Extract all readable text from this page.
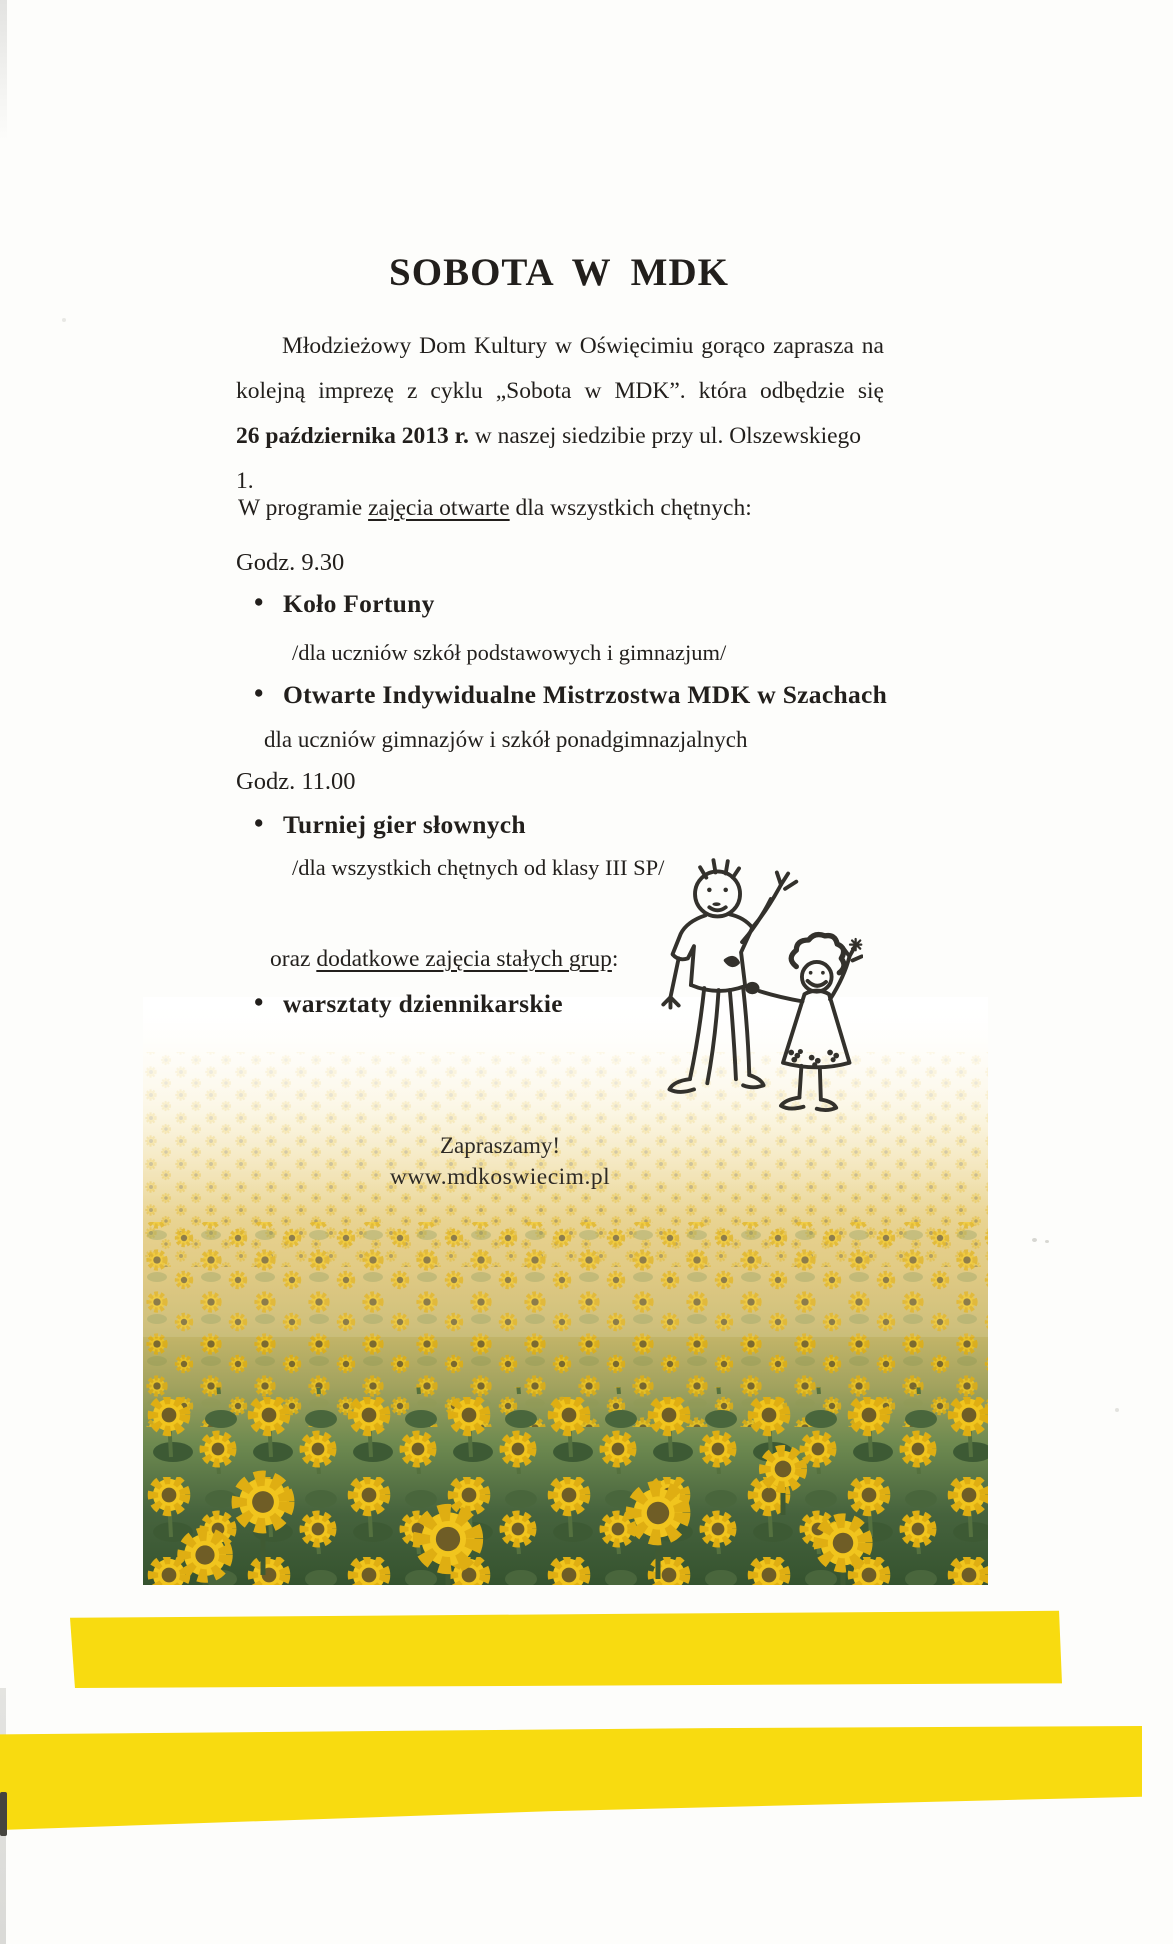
SOBOTA W MDK
Młodzieżowy Dom Kultury w Oświęcimiu gorąco zaprasza na
kolejną imprezę z cyklu „Sobota w MDK”. która odbędzie się
26 października 2013 r. w naszej siedzibie przy ul. Olszewskiego 1.
W programie zajęcia otwarte dla wszystkich chętnych:
Godz. 9.30
• Koło Fortuny
/dla uczniów szkół podstawowych i gimnazjum/
• Otwarte Indywidualne Mistrzostwa MDK w Szachach
dla uczniów gimnazjów i szkół ponadgimnazjalnych
Godz. 11.00
• Turniej gier słownych
/dla wszystkich chętnych od klasy III SP/
oraz dodatkowe zajęcia stałych grup:
• warsztaty dziennikarskie
Zapraszamy!
www.mdkoswiecim.pl
